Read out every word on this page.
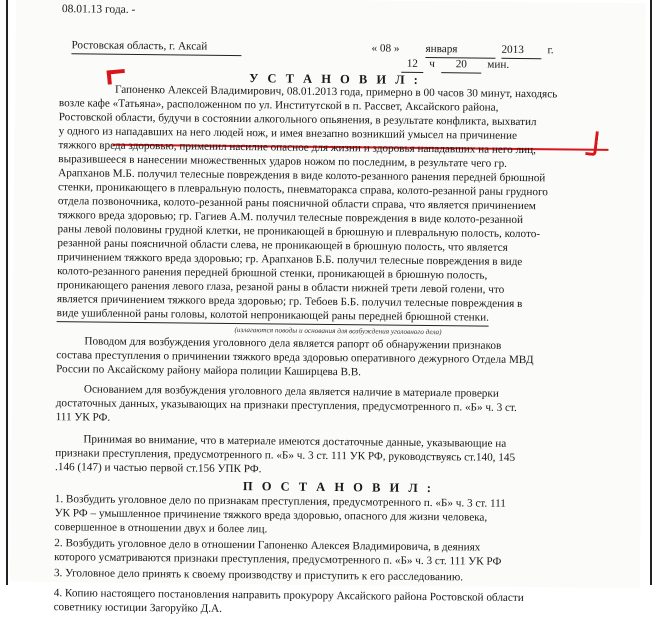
08.01.13 года. -
Ростовская область, г. Аксай	« 08 » января	2013	г.
12	ч	20	мин.
У С Т А Н О В И Л :
Гапоненко Алексей Владимирович, 08.01.2013 года, примерно в 00 часов 30 минут, находясь
возле кафе «Татьяна», расположенном по ул. Институтской в п. Рассвет, Аксайского района,
Ростовской области, будучи в состоянии алкогольного опьянения, в результате конфликта, выхватил
у одного из нападавших на него людей нож, и имея внезапно возникший умысел на причинение
тяжкого вреда здоровью, применил насилие опасное для жизни и здоровья нападавших на него лиц,
выразившееся в нанесении множественных ударов ножом по последним, в результате чего гр.
Арапханов М.Б. получил телесные повреждения в виде колото-резанного ранения передней брюшной
стенки, проникающего в плевральную полость, пневматоракса справа, колото-резанной раны грудного
отдела позвоночника, колото-резанной раны поясничной области справа, что является причинением
тяжкого вреда здоровью; гр. Гагиев А.М. получил телесные повреждения в виде колото-резанной
раны левой половины грудной клетки, не проникающей в брюшную и плевральную полость, колото-
резанной раны поясничной области слева, не проникающей в брюшную полость, что является
причинением тяжкого вреда здоровью; гр. Арапханов Б.Б. получил телесные повреждения в виде
колото-резанного ранения передней брюшной стенки, проникающей в брюшную полость,
проникающего ранения левого глаза, резаной раны в области нижней трети левой голени, что
является причинением тяжкого вреда здоровью; гр. Тебоев Б.Б. получил телесные повреждения в
виде ушибленной раны головы, колотой непроникающей раны передней брюшной стенки.
(излагаются поводы и основания для возбуждения уголовного дела)
Поводом для возбуждения уголовного дела является рапорт об обнаружении признаков
состава преступления о причинении тяжкого вреда здоровью оперативного дежурного Отдела МВД
России по Аксайскому району майора полиции Каширцева В.В.
Основанием для возбуждения уголовного дела является наличие в материале проверки
достаточных данных, указывающих на признаки преступления, предусмотренного п. «Б» ч. 3 ст.
111 УК РФ.
Принимая во внимание, что в материале имеются достаточные данные, указывающие на
признаки преступления, предусмотренного п. «Б» ч. 3 ст. 111 УК РФ, руководствуясь ст.140, 145
.146 (147) и частью первой ст.156 УПК РФ.
П О С Т А Н О В И Л :
1. Возбудить уголовное дело по признакам преступления, предусмотренного п. «Б» ч. 3 ст. 111
УК РФ – умышленное причинение тяжкого вреда здоровью, опасного для жизни человека,
совершенное в отношении двух и более лиц.
2. Возбудить уголовное дело в отношении Гапоненко Алексея Владимировича, в деяниях
которого усматриваются признаки преступления, предусмотренного п. «Б» ч. 3 ст. 111 УК РФ
3. Уголовное дело принять к своему производству и приступить к его расследованию.
4. Копию настоящего постановления направить прокурору Аксайского района Ростовской области
советнику юстиции Загоруйко Д.А.
